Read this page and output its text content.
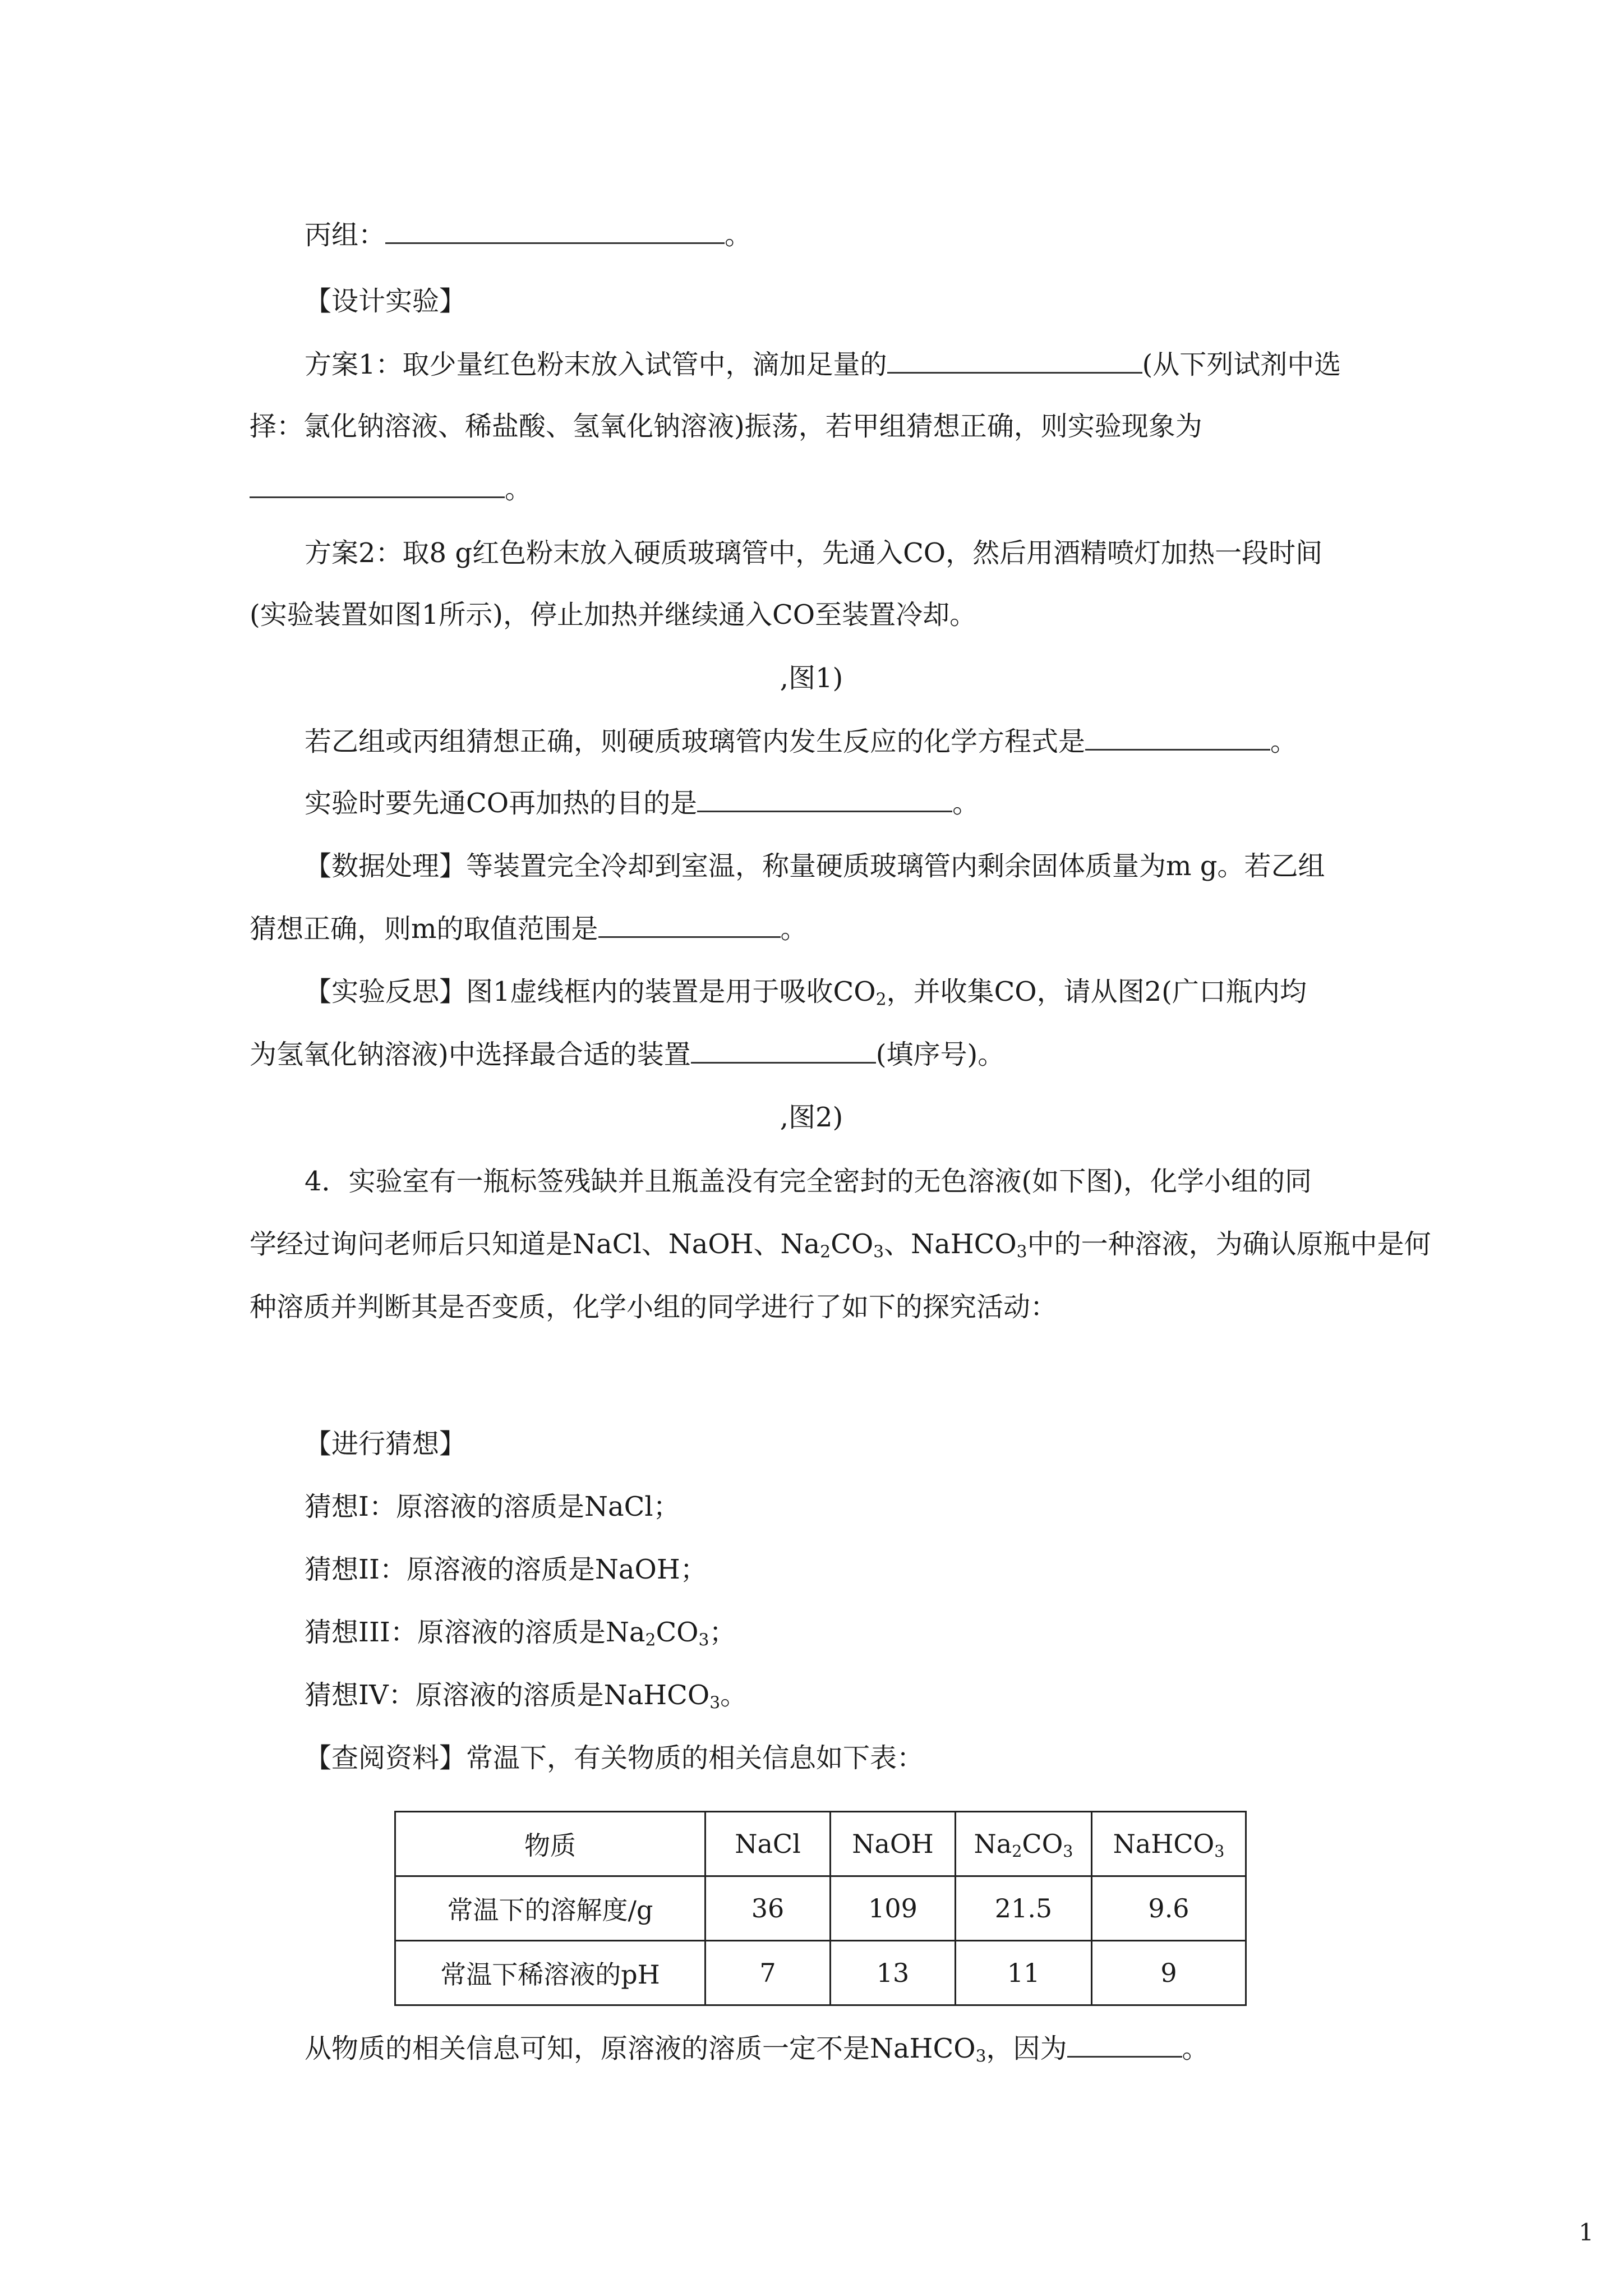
丙组：	。
【设计实验】
方案1：取少量红色粉末放入试管中，滴加足量的	(从下列试剂中选
择：氯化钠溶液、稀盐酸、氢氧化钠溶液)振荡，若甲组猜想正确，则实验现象为
。
方案2：取8 g红色粉末放入硬质玻璃管中，先通入CO，然后用酒精喷灯加热一段时间
(实验装置如图1所示)，停止加热并继续通入CO至装置冷却。
,图1)
若乙组或丙组猜想正确，则硬质玻璃管内发生反应的化学方程式是	。
实验时要先通CO再加热的目的是	。
【数据处理】等装置完全冷却到室温，称量硬质玻璃管内剩余固体质量为m g。若乙组
猜想正确，则m的取值范围是	。
【实验反思】图1虚线框内的装置是用于吸收$CO_2$，并收集CO，请从图2(广口瓶内均
为氢氧化钠溶液)中选择最合适的装置	(填序号)。
,图2)
4．实验室有一瓶标签残缺并且瓶盖没有完全密封的无色溶液(如下图)，化学小组的同
学经过询问老师后只知道是NaCl、NaOH、$Na_2CO_3$、NaHCO$_3$中的一种溶液，为确认原瓶中是何
种溶质并判断其是否变质，化学小组的同学进行了如下的探究活动：
【进行猜想】
猜想I：原溶液的溶质是NaCl；
猜想II：原溶液的溶质是NaOH；
猜想III：原溶液的溶质是$Na_2CO_3$；
猜想IV：原溶液的溶质是NaHCO$_3$。
【查阅资料】常温下，有关物质的相关信息如下表：
物质	NaCl	NaOH	$Na_2CO_3$	NaHCO$_3$
常温下的溶解度/g	36	109	21.5	9.6
常温下稀溶液的pH	7	13	11	9
从物质的相关信息可知，原溶液的溶质一定不是NaHCO$_3$，因为	。
1
